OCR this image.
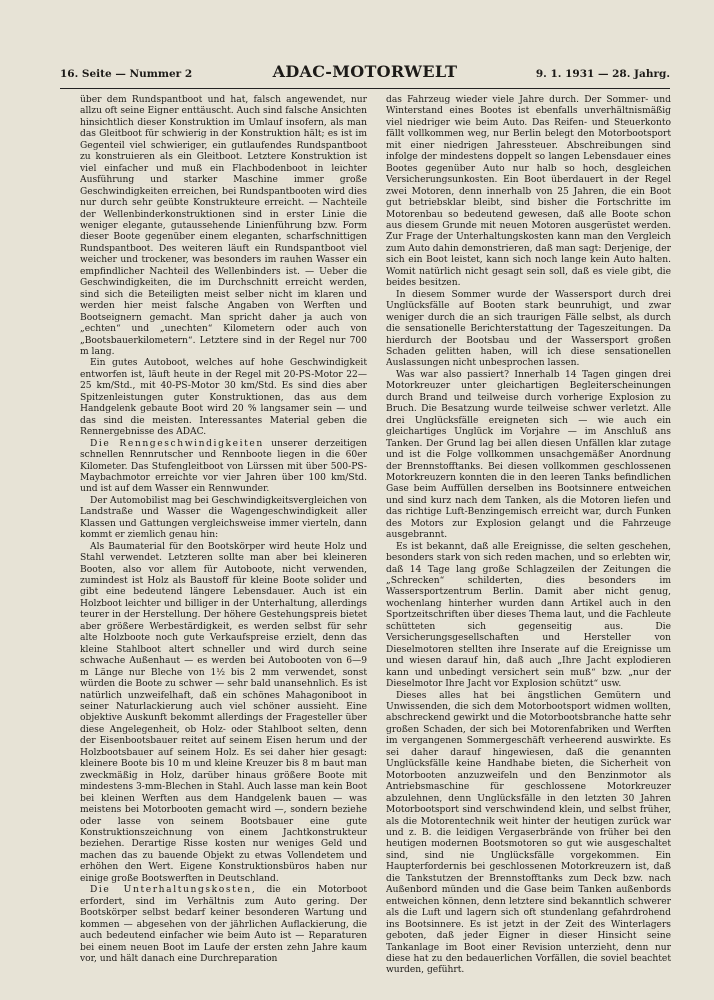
16. Seite — Nummer 2	ADAC-MOTORWELT	9. 1. 1931 — 28. Jahrg.

über dem Rundspantboot und hat, falsch angewendet, nur allzu oft seine Eigner enttäuscht. Auch sind falsche Ansichten hinsichtlich dieser Konstruktion im Umlauf insofern, als man das Gleitboot für schwierig in der Konstruktion hält; es ist im Gegenteil viel schwieriger, ein gutlaufendes Rundspantboot zu konstruieren als ein Gleitboot. Letztere Konstruktion ist viel einfacher und muß ein Flachbodenboot in leichter Ausführung und starker Maschine immer große Geschwindigkeiten erreichen, bei Rundspantbooten wird dies nur durch sehr geübte Konstrukteure erreicht. — Nachteile der Wellenbinderkonstruktionen sind in erster Linie die weniger elegante, gutaussehende Linienführung bzw. Form dieser Boote gegenüber einem eleganten, scharfschnittigen Rundspantboot. Des weiteren läuft ein Rundspantboot viel weicher und trockener, was besonders im rauhen Wasser ein empfindlicher Nachteil des Wellenbinders ist. — Ueber die Geschwindigkeiten, die im Durchschnitt erreicht werden, sind sich die Beteiligten meist selber nicht im klaren und werden hier meist falsche Angaben von Werften und Bootseignern gemacht. Man spricht daher ja auch von „echten“ und „unechten“ Kilometern oder auch von „Bootsbauerkilometern“. Letztere sind in der Regel nur 700 m lang.

Ein gutes Autoboot, welches auf hohe Geschwindigkeit entworfen ist, läuft heute in der Regel mit 20-PS-Motor 22—25 km/Std., mit 40-PS-Motor 30 km/Std. Es sind dies aber Spitzenleistungen guter Konstruktionen, das aus dem Handgelenk gebaute Boot wird 20 % langsamer sein — und das sind die meisten. Interessantes Material geben die Rennergebnisse des ADAC.

Die Renngeschwindigkeiten unserer derzeitigen schnellen Rennrutscher und Rennboote liegen in die 60er Kilometer. Das Stufengleitboot von Lürssen mit über 500-PS-Maybachmotor erreichte vor vier Jahren über 100 km/Std. und ist auf dem Wasser ein Rennwunder.

Der Automobilist mag bei Geschwindigkeitsvergleichen von Landstraße und Wasser die Wagengeschwindigkeit aller Klassen und Gattungen vergleichsweise immer vierteln, dann kommt er ziemlich genau hin:

Als Baumaterial für den Bootskörper wird heute Holz und Stahl verwendet. Letzteren sollte man aber bei kleineren Booten, also vor allem für Autoboote, nicht verwenden, zumindest ist Holz als Baustoff für kleine Boote solider und gibt eine bedeutend längere Lebensdauer. Auch ist ein Holzboot leichter und billiger in der Unterhaltung, allerdings teurer in der Herstellung. Der höhere Gestehungspreis bietet aber größere Werbestärdigkeit, es werden selbst für sehr alte Holzboote noch gute Verkaufspreise erzielt, denn das kleine Stahlboot altert schneller und wird durch seine schwache Außenhaut — es werden bei Autobooten von 6—9 m Länge nur Bleche von 1½ bis 2 mm verwendet, sonst würden die Boote zu schwer — sehr bald unansehnlich. Es ist natürlich unzweifelhaft, daß ein schönes Mahagoniboot in seiner Naturlackierung auch viel schöner aussieht. Eine objektive Auskunft bekommt allerdings der Fragesteller über diese Angelegenheit, ob Holz- oder Stahlboot selten, denn der Eisenbootsbauer reitet auf seinem Eisen herum und der Holzbootsbauer auf seinem Holz. Es sei daher hier gesagt: kleinere Boote bis 10 m und kleine Kreuzer bis 8 m baut man zweckmäßig in Holz, darüber hinaus größere Boote mit mindestens 3-mm-Blechen in Stahl. Auch lasse man kein Boot bei kleinen Werften aus dem Handgelenk bauen — was meistens bei Motorbooten gemacht wird —, sondern beziehe oder lasse von seinem Bootsbauer eine gute Konstruktionszeichnung von einem Jachtkonstrukteur beziehen. Derartige Risse kosten nur weniges Geld und machen das zu bauende Objekt zu etwas Vollendetem und erhöhen den Wert. Eigene Konstruktionsbüros haben nur einige große Bootswerften in Deutschland.

Die Unterhaltungskosten, die ein Motorboot erfordert, sind im Verhältnis zum Auto gering. Der Bootskörper selbst bedarf keiner besonderen Wartung und kommen — abgesehen von der jährlichen Auflackierung, die auch bedeutend einfacher wie beim Auto ist — Reparaturen bei einem neuen Boot im Laufe der ersten zehn Jahre kaum vor, und hält danach eine Durchreparation

das Fahrzeug wieder viele Jahre durch. Der Sommer- und Winterstand eines Bootes ist ebenfalls unverhältnismäßig viel niedriger wie beim Auto. Das Reifen- und Steuerkonto fällt vollkommen weg, nur Berlin belegt den Motorbootsport mit einer niedrigen Jahressteuer. Abschreibungen sind infolge der mindestens doppelt so langen Lebensdauer eines Bootes gegenüber Auto nur halb so hoch, desgleichen Versicherungsunkosten. Ein Boot überdauert in der Regel zwei Motoren, denn innerhalb von 25 Jahren, die ein Boot gut betriebsklar bleibt, sind bisher die Fortschritte im Motorenbau so bedeutend gewesen, daß alle Boote schon aus diesem Grunde mit neuen Motoren ausgerüstet werden. Zur Frage der Unterhaltungskosten kann man den Vergleich zum Auto dahin demonstrieren, daß man sagt: Derjenige, der sich ein Boot leistet, kann sich noch lange kein Auto halten. Womit natürlich nicht gesagt sein soll, daß es viele gibt, die beides besitzen.

In diesem Sommer wurde der Wassersport durch drei Unglücksfälle auf Booten stark beunruhigt, und zwar weniger durch die an sich traurigen Fälle selbst, als durch die sensationelle Berichterstattung der Tageszeitungen. Da hierdurch der Bootsbau und der Wassersport großen Schaden gelitten haben, will ich diese sensationellen Auslassungen nicht unbesprochen lassen.

Was war also passiert? Innerhalb 14 Tagen gingen drei Motorkreuzer unter gleichartigen Begleiterscheinungen durch Brand und teilweise durch vorherige Explosion zu Bruch. Die Besatzung wurde teilweise schwer verletzt. Alle drei Unglücksfälle ereigneten sich — wie auch ein gleichartiges Unglück im Vorjahre — im Anschluß ans Tanken. Der Grund lag bei allen diesen Unfällen klar zutage und ist die Folge vollkommen unsachgemäßer Anordnung der Brennstofftanks. Bei diesen vollkommen geschlossenen Motorkreuzern konnten die in den leeren Tanks befindlichen Gase beim Auffüllen derselben ins Bootsinnere entweichen und sind kurz nach dem Tanken, als die Motoren liefen und das richtige Luft-Benzingemisch erreicht war, durch Funken des Motors zur Explosion gelangt und die Fahrzeuge ausgebrannt.

Es ist bekannt, daß alle Ereignisse, die selten geschehen, besonders stark von sich reden machen, und so erlebten wir, daß 14 Tage lang große Schlagzeilen der Zeitungen die „Schrecken“ schilderten, dies besonders im Wassersportzentrum Berlin. Damit aber nicht genug, wochenlang hinterher wurden dann Artikel auch in den Sportzeitschriften über dieses Thema laut, und die Fachleute schütteten sich gegenseitig aus. Die Versicherungsgesellschaften und Hersteller von Dieselmotoren stellten ihre Inserate auf die Ereignisse um und wiesen darauf hin, daß auch „Ihre Jacht explodieren kann und unbedingt versichert sein muß“ bzw. „nur der Dieselmotor Ihre Jacht vor Explosion schützt“ usw.

Dieses alles hat bei ängstlichen Gemütern und Unwissenden, die sich dem Motorbootsport widmen wollten, abschreckend gewirkt und die Motorbootsbranche hatte sehr großen Schaden, der sich bei Motorenfabriken und Werften im vergangenen Sommergeschäft verheerend auswirkte. Es sei daher darauf hingewiesen, daß die genannten Unglücksfälle keine Handhabe bieten, die Sicherheit von Motorbooten anzuzweifeln und den Benzinmotor als Antriebsmaschine für geschlossene Motorkreuzer abzulehnen, denn Unglücksfälle in den letzten 30 Jahren Motorbootsport sind verschwindend klein, und selbst früher, als die Motorentechnik weit hinter der heutigen zurück war und z. B. die leidigen Vergaserbrände von früher bei den heutigen modernen Bootsmotoren so gut wie ausgeschaltet sind, sind nie Unglücksfälle vorgekommen. Ein Haupterfordernis bei geschlossenen Motorkreuzern ist, daß die Tankstutzen der Brennstofftanks zum Deck bzw. nach Außenbord münden und die Gase beim Tanken außenbords entweichen können, denn letztere sind bekanntlich schwerer als die Luft und lagern sich oft stundenlang gefahrdrohend ins Bootsinnere. Es ist jetzt in der Zeit des Winterlagers geboten, daß jeder Eigner in dieser Hinsicht seine Tankanlage im Boot einer Revision unterzieht, denn nur diese hat zu den bedauerlichen Vorfällen, die soviel beachtet wurden, geführt.
